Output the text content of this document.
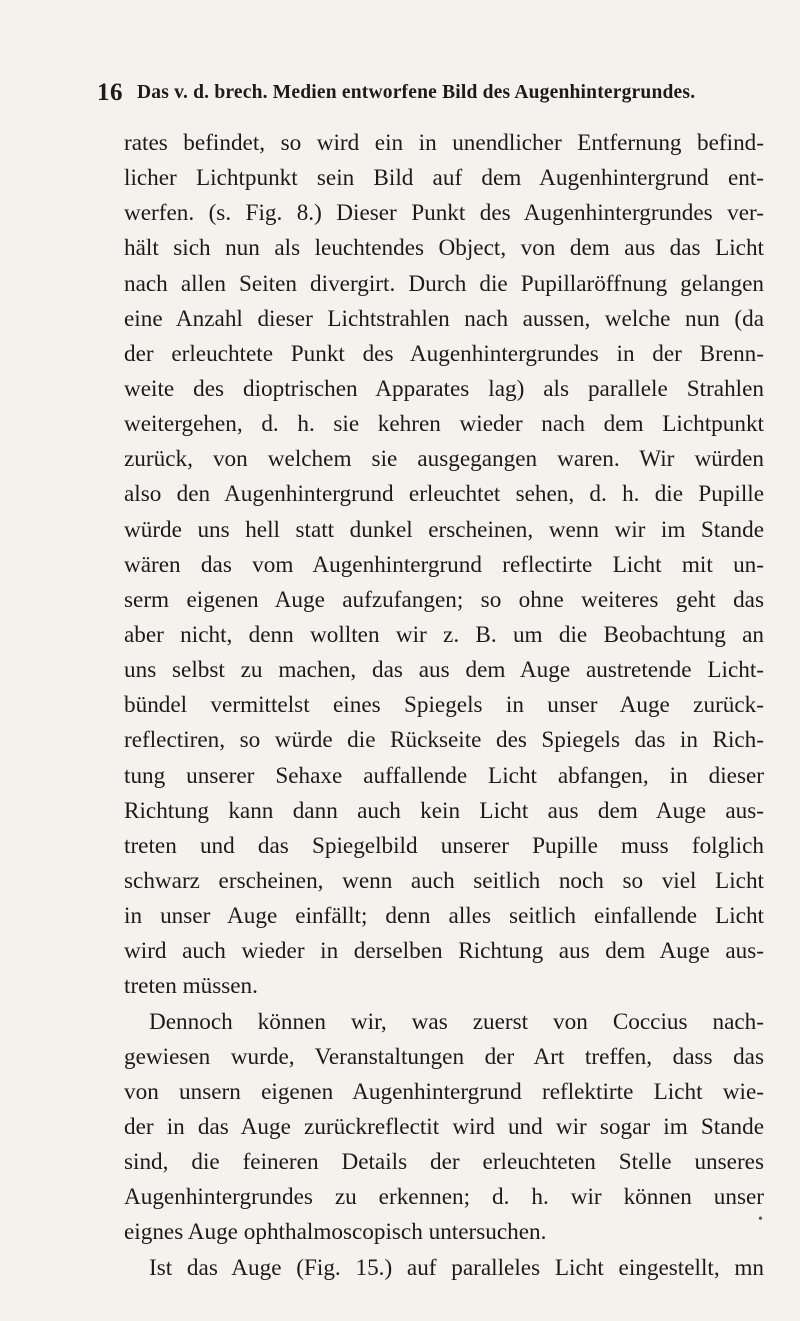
16 Das v. d. brech. Medien entworfene Bild des Augenhintergrundes.
rates befindet, so wird ein in unendlicher Entfernung befind-
licher Lichtpunkt sein Bild auf dem Augenhintergrund ent-
werfen. (s. Fig. 8.) Dieser Punkt des Augenhintergrundes ver-
hält sich nun als leuchtendes Object, von dem aus das Licht
nach allen Seiten divergirt. Durch die Pupillaröffnung gelangen
eine Anzahl dieser Lichtstrahlen nach aussen, welche nun (da
der erleuchtete Punkt des Augenhintergrundes in der Brenn-
weite des dioptrischen Apparates lag) als parallele Strahlen
weitergehen, d. h. sie kehren wieder nach dem Lichtpunkt
zurück, von welchem sie ausgegangen waren. Wir würden
also den Augenhintergrund erleuchtet sehen, d. h. die Pupille
würde uns hell statt dunkel erscheinen, wenn wir im Stande
wären das vom Augenhintergrund reflectirte Licht mit un-
serm eigenen Auge aufzufangen; so ohne weiteres geht das
aber nicht, denn wollten wir z. B. um die Beobachtung an
uns selbst zu machen, das aus dem Auge austretende Licht-
bündel vermittelst eines Spiegels in unser Auge zurück-
reflectiren, so würde die Rückseite des Spiegels das in Rich-
tung unserer Sehaxe auffallende Licht abfangen, in dieser
Richtung kann dann auch kein Licht aus dem Auge aus-
treten und das Spiegelbild unserer Pupille muss folglich
schwarz erscheinen, wenn auch seitlich noch so viel Licht
in unser Auge einfällt; denn alles seitlich einfallende Licht
wird auch wieder in derselben Richtung aus dem Auge aus-
treten müssen.
Dennoch können wir, was zuerst von Coccius nach-
gewiesen wurde, Veranstaltungen der Art treffen, dass das
von unsern eigenen Augenhintergrund reflektirte Licht wie-
der in das Auge zurückreflectit wird und wir sogar im Stande
sind, die feineren Details der erleuchteten Stelle unseres
Augenhintergrundes zu erkennen; d. h. wir können unser
eignes Auge ophthalmoscopisch untersuchen.
Ist das Auge (Fig. 15.) auf paralleles Licht eingestellt, mn
•
